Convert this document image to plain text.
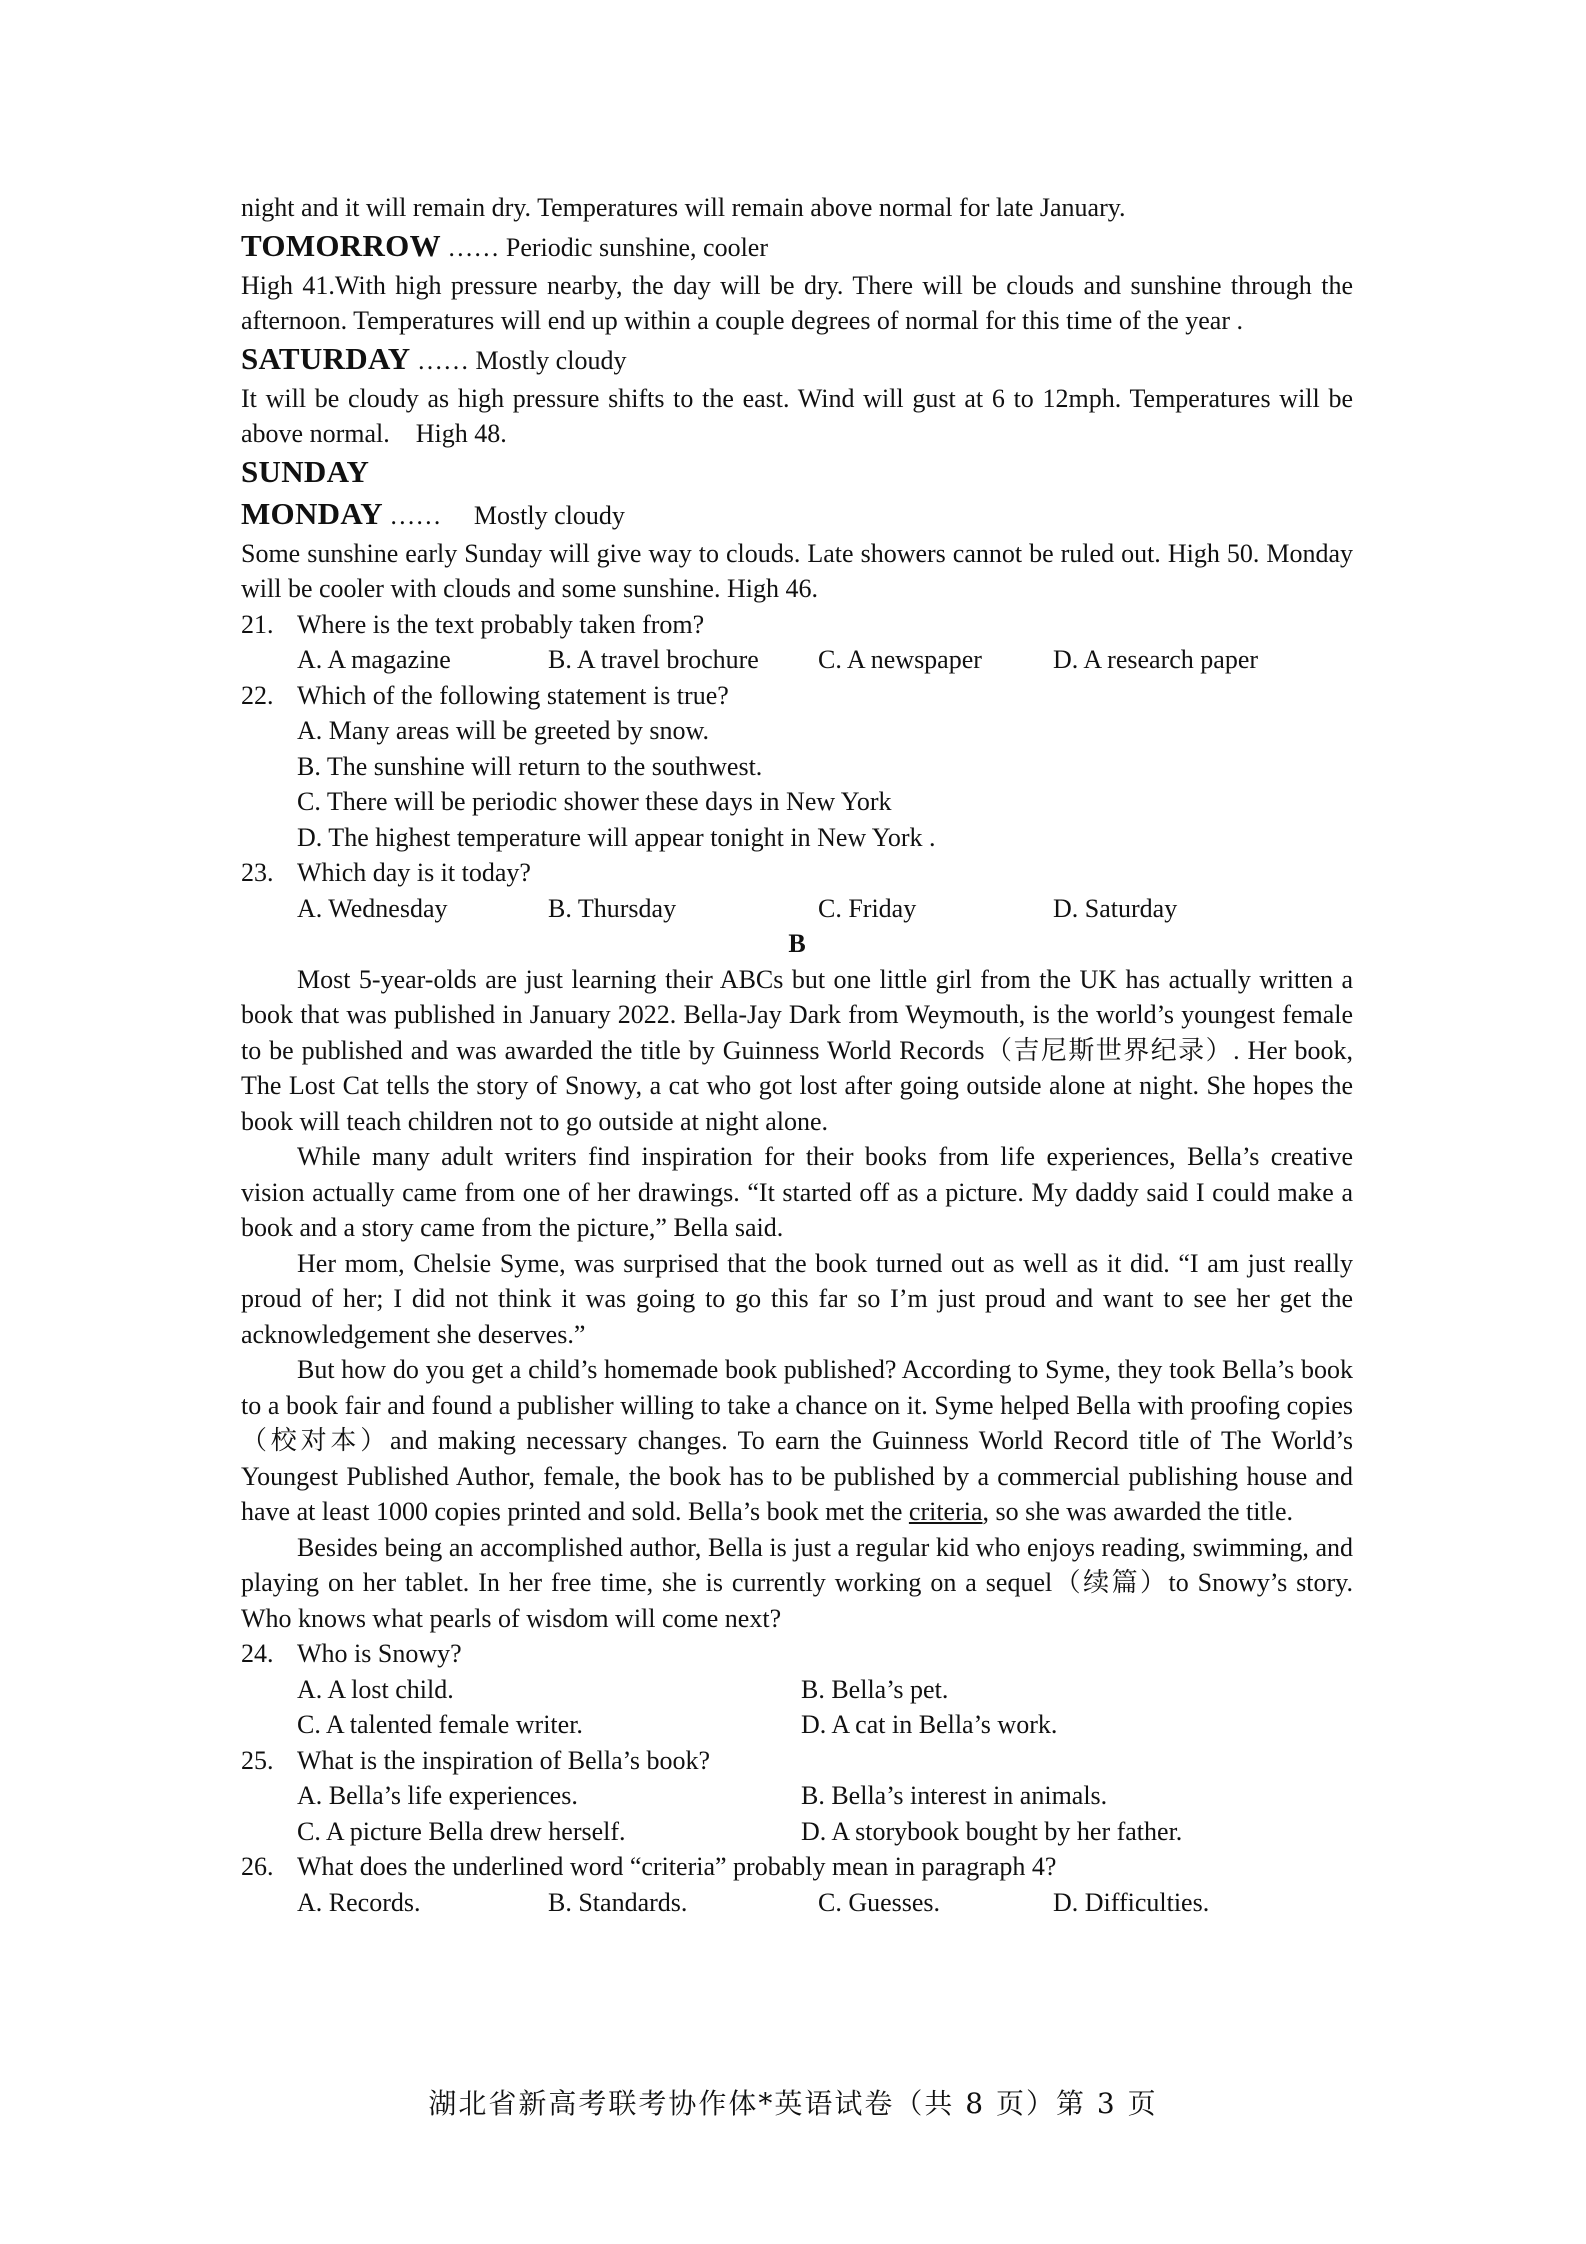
night and it will remain dry. Temperatures will remain above normal for late January.

TOMORROW …… Periodic sunshine, cooler

High 41.With high pressure nearby, the day will be dry. There will be clouds and sunshine through the afternoon. Temperatures will end up within a couple degrees of normal for this time of the year .

SATURDAY …… Mostly cloudy

It will be cloudy as high pressure shifts to the east. Wind will gust at 6 to 12mph. Temperatures will be above normal.    High 48.

SUNDAY

MONDAY ……     Mostly cloudy

Some sunshine early Sunday will give way to clouds. Late showers cannot be ruled out. High 50. Monday will be cooler with clouds and some sunshine. High 46.

21. Where is the text probably taken from?
A. A magazine	B. A travel brochure	C. A newspaper	D. A research paper
22. Which of the following statement is true?
A. Many areas will be greeted by snow.
B. The sunshine will return to the southwest.
C. There will be periodic shower these days in New York
D. The highest temperature will appear tonight in New York .
23. Which day is it today?
A. Wednesday	B. Thursday	C. Friday	D. Saturday

B

Most 5-year-olds are just learning their ABCs but one little girl from the UK has actually written a book that was published in January 2022. Bella-Jay Dark from Weymouth, is the world’s youngest female to be published and was awarded the title by Guinness World Records（吉尼斯世界纪录）. Her book, The Lost Cat tells the story of Snowy, a cat who got lost after going outside alone at night. She hopes the book will teach children not to go outside at night alone.

While many adult writers find inspiration for their books from life experiences, Bella’s creative vision actually came from one of her drawings. “It started off as a picture. My daddy said I could make a book and a story came from the picture,” Bella said.

Her mom, Chelsie Syme, was surprised that the book turned out as well as it did. “I am just really proud of her; I did not think it was going to go this far so I’m just proud and want to see her get the acknowledgement she deserves.”

But how do you get a child’s homemade book published? According to Syme, they took Bella’s book to a book fair and found a publisher willing to take a chance on it. Syme helped Bella with proofing copies（校对本）and making necessary changes. To earn the Guinness World Record title of The World’s Youngest Published Author, female, the book has to be published by a commercial publishing house and have at least 1000 copies printed and sold. Bella’s book met the criteria, so she was awarded the title.

Besides being an accomplished author, Bella is just a regular kid who enjoys reading, swimming, and playing on her tablet. In her free time, she is currently working on a sequel（续篇）to Snowy’s story. Who knows what pearls of wisdom will come next?

24. Who is Snowy?
A. A lost child.	B. Bella’s pet.
C. A talented female writer.	D. A cat in Bella’s work.
25. What is the inspiration of Bella’s book?
A. Bella’s life experiences.	B. Bella’s interest in animals.
C. A picture Bella drew herself.	D. A storybook bought by her father.
26. What does the underlined word “criteria” probably mean in paragraph 4?
A. Records.	B. Standards.	C. Guesses.	D. Difficulties.
湖北省新高考联考协作体*英语试卷（共 8 页）第 3 页
